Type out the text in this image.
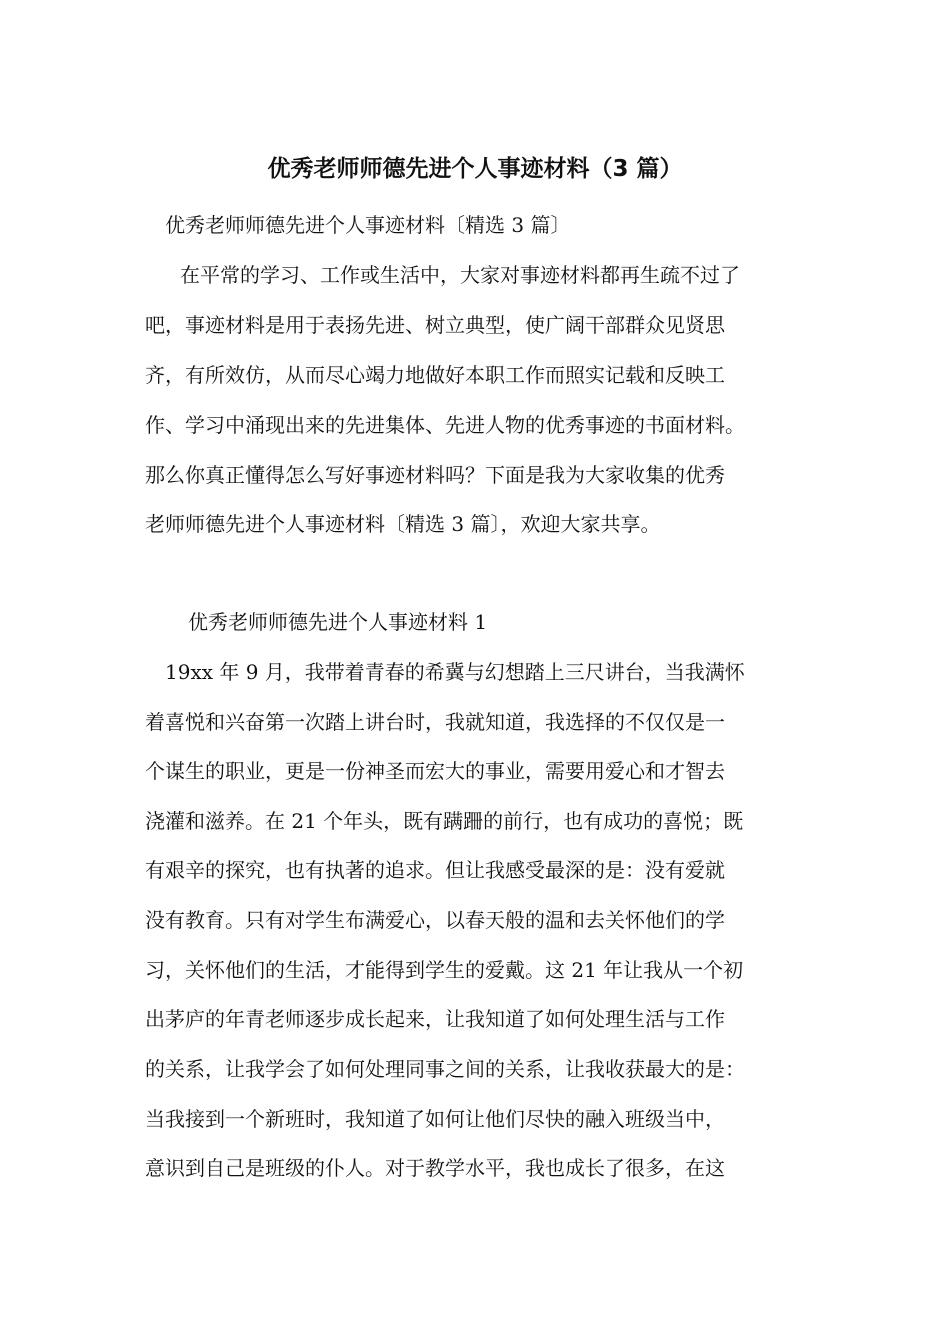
优秀老师师德先进个人事迹材料（3 篇）

优秀老师师德先进个人事迹材料〔精选 3 篇〕

在平常的学习、工作或生活中，大家对事迹材料都再生疏不过了

吧，事迹材料是用于表扬先进、树立典型，使广阔干部群众见贤思

齐，有所效仿，从而尽心竭力地做好本职工作而照实记载和反映工

作、学习中涌现出来的先进集体、先进人物的优秀事迹的书面材料。

那么你真正懂得怎么写好事迹材料吗？下面是我为大家收集的优秀

老师师德先进个人事迹材料〔精选 3 篇〕，欢迎大家共享。

优秀老师师德先进个人事迹材料 1

19xx 年 9 月，我带着青春的希冀与幻想踏上三尺讲台，当我满怀

着喜悦和兴奋第一次踏上讲台时，我就知道，我选择的不仅仅是一

个谋生的职业，更是一份神圣而宏大的事业，需要用爱心和才智去

浇灌和滋养。在 21 个年头，既有蹒跚的前行，也有成功的喜悦；既

有艰辛的探究，也有执著的追求。但让我感受最深的是：没有爱就

没有教育。只有对学生布满爱心，以春天般的温和去关怀他们的学

习，关怀他们的生活，才能得到学生的爱戴。这 21 年让我从一个初

出茅庐的年青老师逐步成长起来，让我知道了如何处理生活与工作

的关系，让我学会了如何处理同事之间的关系，让我收获最大的是：

当我接到一个新班时，我知道了如何让他们尽快的融入班级当中，

意识到自己是班级的仆人。对于教学水平，我也成长了很多，在这
